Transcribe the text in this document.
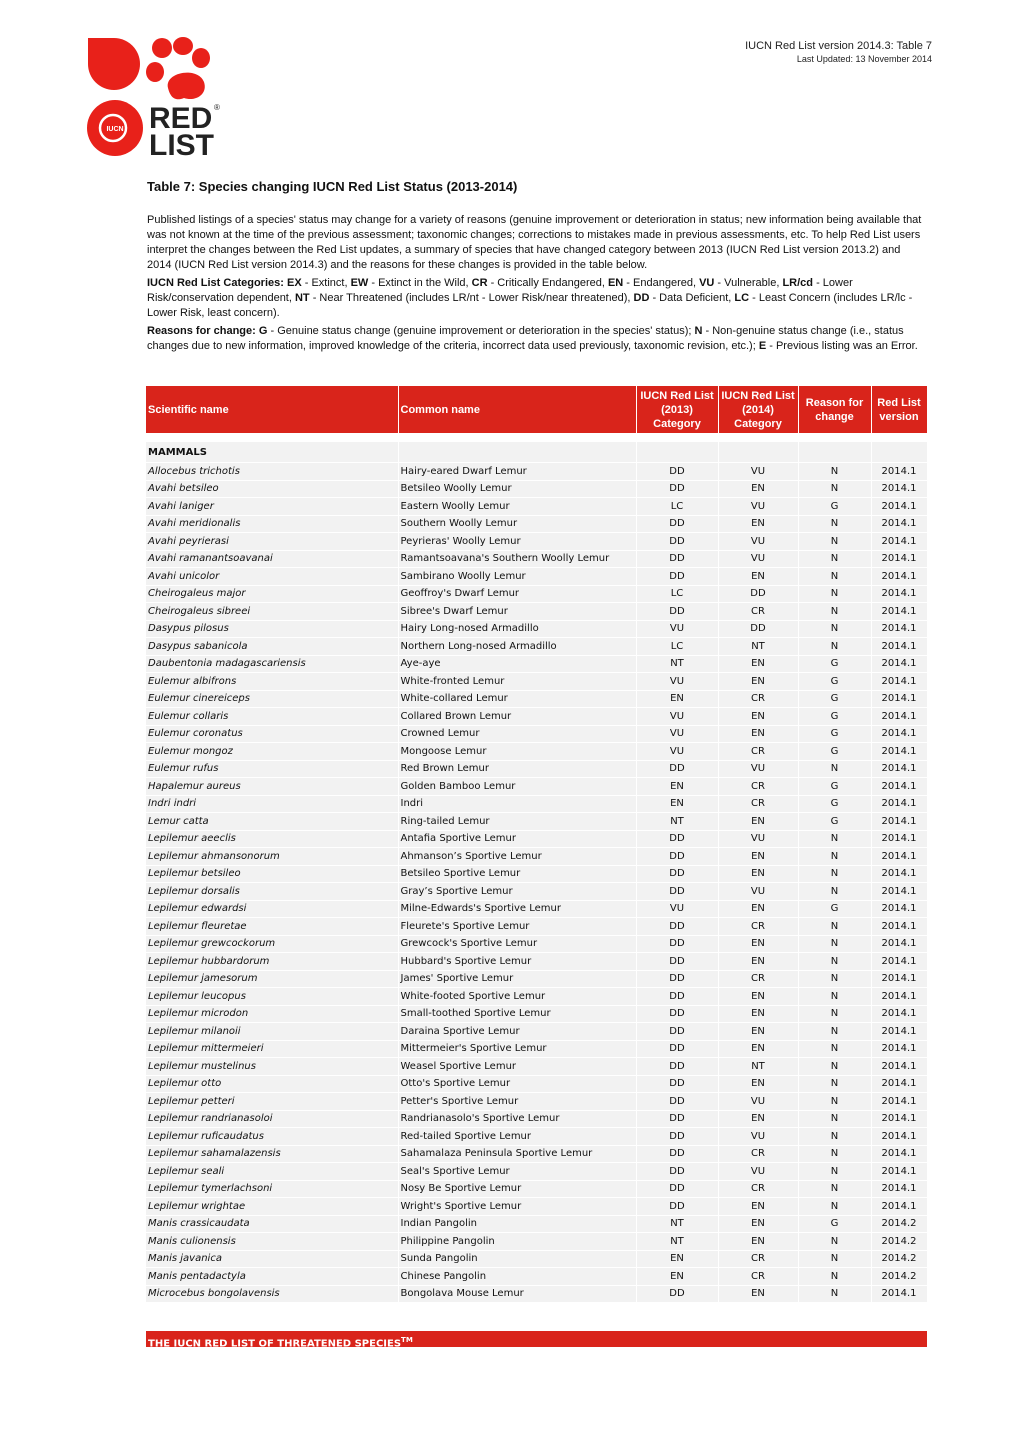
IUCN Red List version 2014.3: Table 7
Last Updated: 13 November 2014
IUCN RED
LIST
®
Table 7: Species changing IUCN Red List Status (2013-2014)

Published listings of a species' status may change for a variety of reasons (genuine improvement or deterioration in status; new information being available that was not known at the time of the previous assessment; taxonomic changes; corrections to mistakes made in previous assessments, etc. To help Red List users interpret the changes between the Red List updates, a summary of species that have changed category between 2013 (IUCN Red List version 2013.2) and 2014 (IUCN Red List version 2014.3) and the reasons for these changes is provided in the table below.

IUCN Red List Categories: EX - Extinct, EW - Extinct in the Wild, CR - Critically Endangered, EN - Endangered, VU - Vulnerable, LR/cd - Lower Risk/conservation dependent, NT - Near Threatened (includes LR/nt - Lower Risk/near threatened), DD - Data Deficient, LC - Least Concern (includes LR/lc - Lower Risk, least concern).

Reasons for change: G - Genuine status change (genuine improvement or deterioration in the species' status); N - Non-genuine status change (i.e., status changes due to new information, improved knowledge of the criteria, incorrect data used previously, taxonomic revision, etc.); E - Previous listing was an Error.

Scientific name	Common name	IUCN Red List (2013) Category	IUCN Red List (2014) Category	Reason for change	Red List version

MAMMALS					
Allocebus trichotis	Hairy-eared Dwarf Lemur	DD	VU	N	2014.1
Avahi betsileo	Betsileo Woolly Lemur	DD	EN	N	2014.1
Avahi laniger	Eastern Woolly Lemur	LC	VU	G	2014.1
Avahi meridionalis	Southern Woolly Lemur	DD	EN	N	2014.1
Avahi peyrierasi	Peyrieras' Woolly Lemur	DD	VU	N	2014.1
Avahi ramanantsoavanai	Ramantsoavana's Southern Woolly Lemur	DD	VU	N	2014.1
Avahi unicolor	Sambirano Woolly Lemur	DD	EN	N	2014.1
Cheirogaleus major	Geoffroy's Dwarf Lemur	LC	DD	N	2014.1
Cheirogaleus sibreei	Sibree's Dwarf Lemur	DD	CR	N	2014.1
Dasypus pilosus	Hairy Long-nosed Armadillo	VU	DD	N	2014.1
Dasypus sabanicola	Northern Long-nosed Armadillo	LC	NT	N	2014.1
Daubentonia madagascariensis	Aye-aye	NT	EN	G	2014.1
Eulemur albifrons	White-fronted Lemur	VU	EN	G	2014.1
Eulemur cinereiceps	White-collared Lemur	EN	CR	G	2014.1
Eulemur collaris	Collared Brown Lemur	VU	EN	G	2014.1
Eulemur coronatus	Crowned Lemur	VU	EN	G	2014.1
Eulemur mongoz	Mongoose Lemur	VU	CR	G	2014.1
Eulemur rufus	Red Brown Lemur	DD	VU	N	2014.1
Hapalemur aureus	Golden Bamboo Lemur	EN	CR	G	2014.1
Indri indri	Indri	EN	CR	G	2014.1
Lemur catta	Ring-tailed Lemur	NT	EN	G	2014.1
Lepilemur aeeclis	Antafia Sportive Lemur	DD	VU	N	2014.1
Lepilemur ahmansonorum	Ahmanson’s Sportive Lemur	DD	EN	N	2014.1
Lepilemur betsileo	Betsileo Sportive Lemur	DD	EN	N	2014.1
Lepilemur dorsalis	Gray’s Sportive Lemur	DD	VU	N	2014.1
Lepilemur edwardsi	Milne-Edwards's Sportive Lemur	VU	EN	G	2014.1
Lepilemur fleuretae	Fleurete's Sportive Lemur	DD	CR	N	2014.1
Lepilemur grewcockorum	Grewcock's Sportive Lemur	DD	EN	N	2014.1
Lepilemur hubbardorum	Hubbard's Sportive Lemur	DD	EN	N	2014.1
Lepilemur jamesorum	James' Sportive Lemur	DD	CR	N	2014.1
Lepilemur leucopus	White-footed Sportive Lemur	DD	EN	N	2014.1
Lepilemur microdon	Small-toothed Sportive Lemur	DD	EN	N	2014.1
Lepilemur milanoii	Daraina Sportive Lemur	DD	EN	N	2014.1
Lepilemur mittermeieri	Mittermeier's Sportive Lemur	DD	EN	N	2014.1
Lepilemur mustelinus	Weasel Sportive Lemur	DD	NT	N	2014.1
Lepilemur otto	Otto's Sportive Lemur	DD	EN	N	2014.1
Lepilemur petteri	Petter's Sportive Lemur	DD	VU	N	2014.1
Lepilemur randrianasoloi	Randrianasolo's Sportive Lemur	DD	EN	N	2014.1
Lepilemur ruficaudatus	Red-tailed Sportive Lemur	DD	VU	N	2014.1
Lepilemur sahamalazensis	Sahamalaza Peninsula Sportive Lemur	DD	CR	N	2014.1
Lepilemur seali	Seal's Sportive Lemur	DD	VU	N	2014.1
Lepilemur tymerlachsoni	Nosy Be Sportive Lemur	DD	CR	N	2014.1
Lepilemur wrightae	Wright's Sportive Lemur	DD	EN	N	2014.1
Manis crassicaudata	Indian Pangolin	NT	EN	G	2014.2
Manis culionensis	Philippine Pangolin	NT	EN	N	2014.2
Manis javanica	Sunda Pangolin	EN	CR	N	2014.2
Manis pentadactyla	Chinese Pangolin	EN	CR	N	2014.2
Microcebus bongolavensis	Bongolava Mouse Lemur	DD	EN	N	2014.1
THE IUCN RED LIST OF THREATENED SPECIES™
